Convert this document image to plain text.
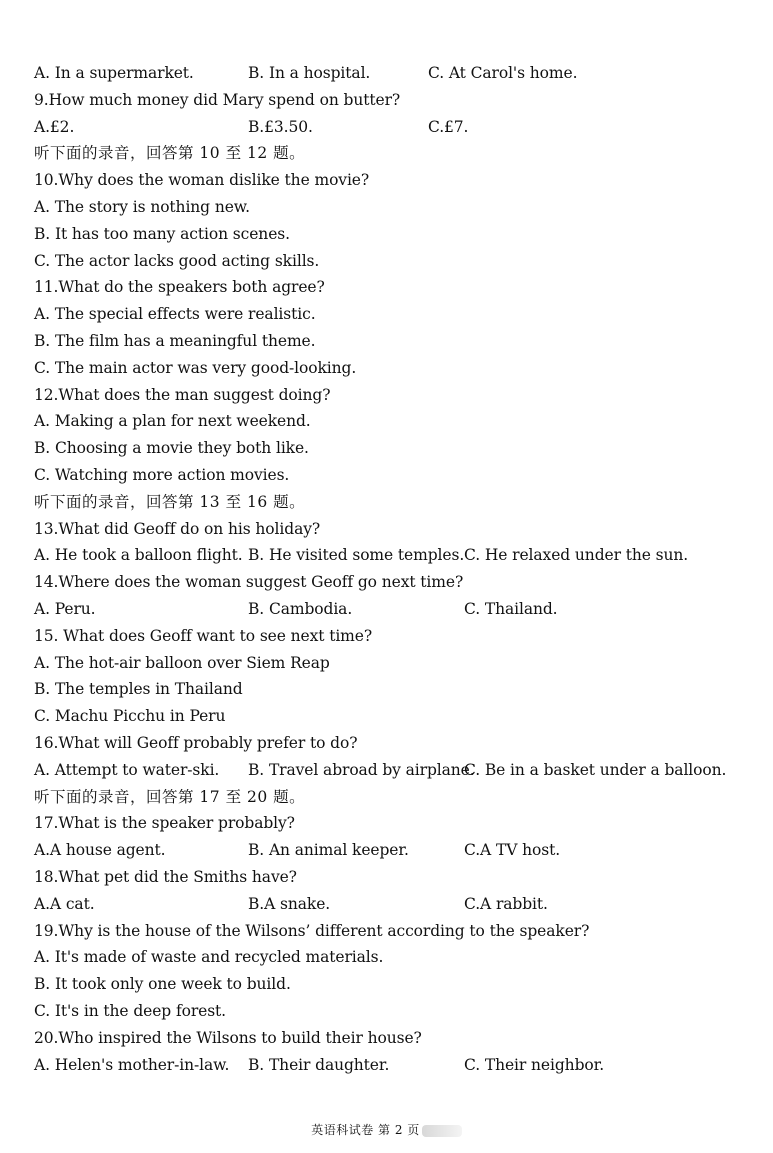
A. In a supermarket.	B. In a hospital.	C. At Carol's home.
9.How much money did Mary spend on butter?
A.£2.	B.£3.50.	C.£7.
听下面的录音，回答第 10 至 12 题。
10.Why does the woman dislike the movie?
A. The story is nothing new.
B. It has too many action scenes.
C. The actor lacks good acting skills.
11.What do the speakers both agree?
A. The special effects were realistic.
B. The film has a meaningful theme.
C. The main actor was very good-looking.
12.What does the man suggest doing?
A. Making a plan for next weekend.
B. Choosing a movie they both like.
C. Watching more action movies.
听下面的录音，回答第 13 至 16 题。
13.What did Geoff do on his holiday?
A. He took a balloon flight. B. He visited some temples. C. He relaxed under the sun.
14.Where does the woman suggest Geoff go next time?
A. Peru.	B. Cambodia.	C. Thailand.
15. What does Geoff want to see next time?
A. The hot-air balloon over Siem Reap
B. The temples in Thailand
C. Machu Picchu in Peru
16.What will Geoff probably prefer to do?
A. Attempt to water-ski. B. Travel abroad by airplane.
C. Be in a basket under a balloon.
听下面的录音，回答第 17 至 20 题。
17.What is the speaker probably?
A.A house agent.	B. An animal keeper.	C.A TV host.
18.What pet did the Smiths have?
A.A cat.	B.A snake.	C.A rabbit.
19.Why is the house of the Wilsons’ different according to the speaker?
A. It's made of waste and recycled materials.
B. It took only one week to build.
C. It's in the deep forest.
20.Who inspired the Wilsons to build their house?
A. Helen's mother-in-law. B. Their daughter.	C. Their neighbor.
英语科试卷 第 2 页
